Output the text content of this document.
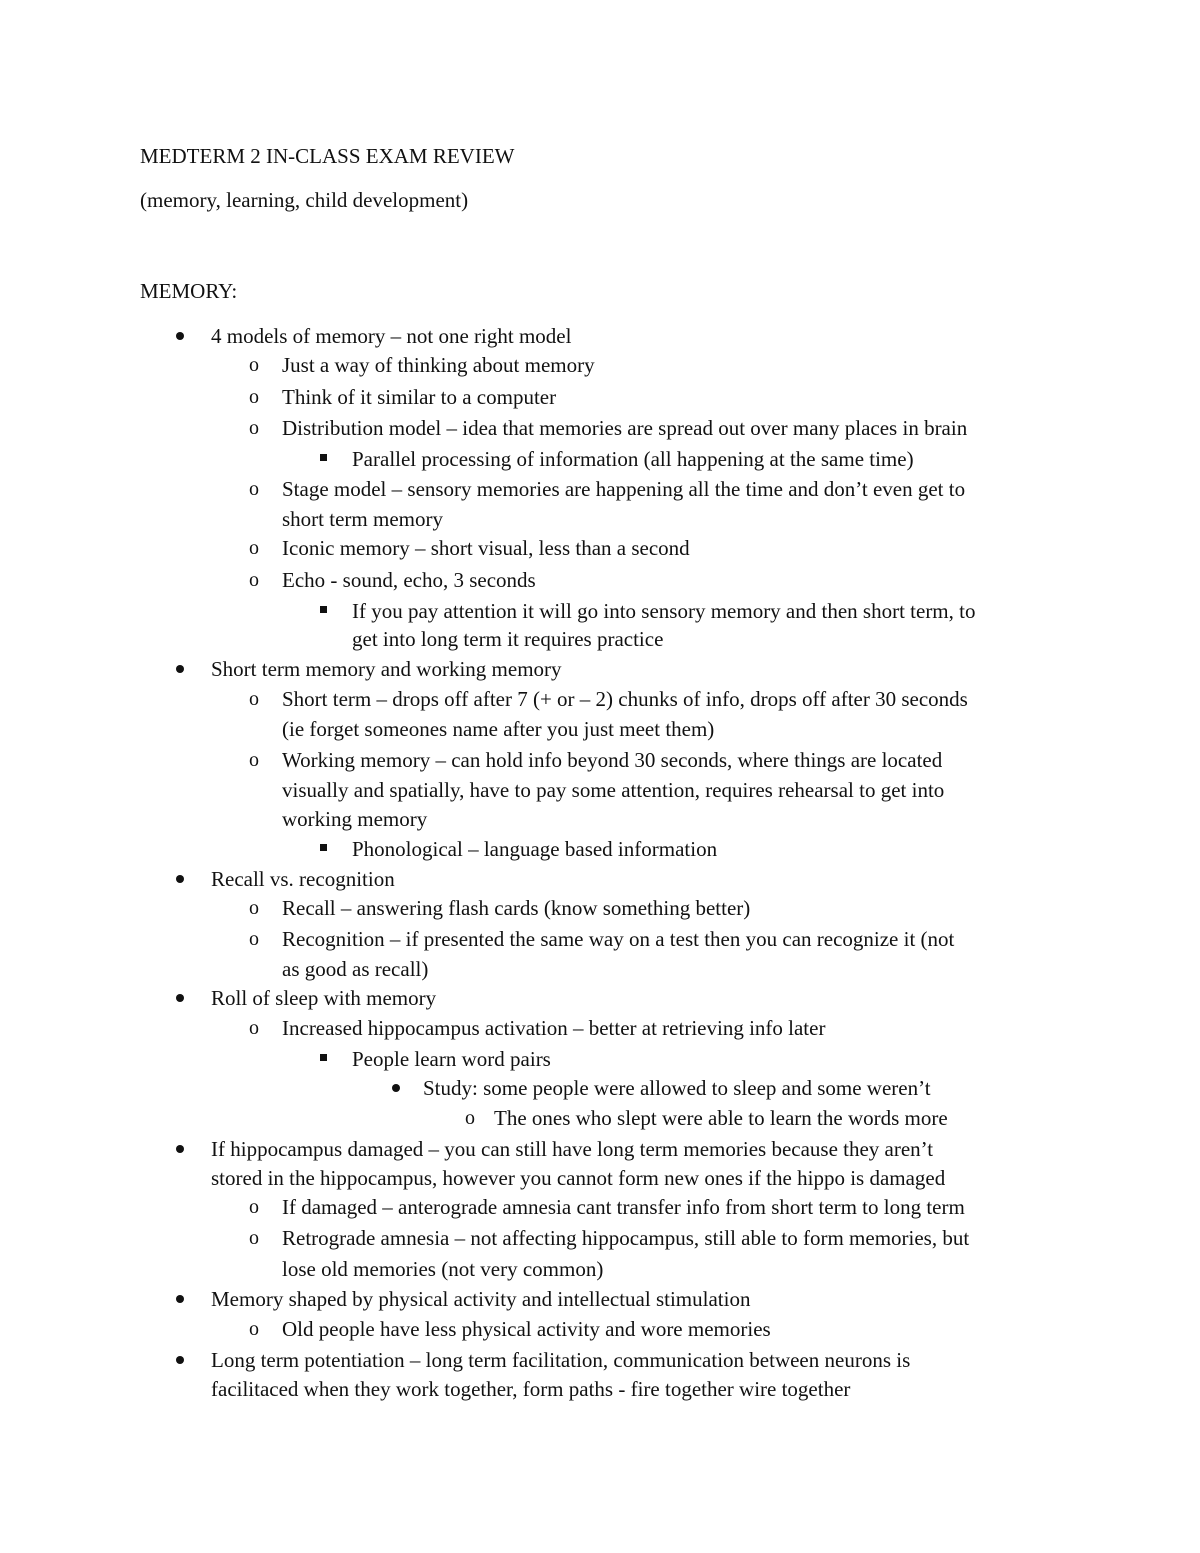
MEDTERM 2 IN-CLASS EXAM REVIEW
(memory, learning, child development)
MEMORY:
4 models of memory – not one right model
o Just a way of thinking about memory
o Think of it similar to a computer
o Distribution model – idea that memories are spread out over many places in brain
Parallel processing of information (all happening at the same time)
o Stage model – sensory memories are happening all the time and don’t even get to
short term memory
o Iconic memory – short visual, less than a second
o Echo - sound, echo, 3 seconds
If you pay attention it will go into sensory memory and then short term, to
get into long term it requires practice
Short term memory and working memory
o Short term – drops off after 7 (+ or – 2) chunks of info, drops off after 30 seconds
(ie forget someones name after you just meet them)
o Working memory – can hold info beyond 30 seconds, where things are located
visually and spatially, have to pay some attention, requires rehearsal to get into
working memory
Phonological – language based information
Recall vs. recognition
o Recall – answering flash cards (know something better)
o Recognition – if presented the same way on a test then you can recognize it (not
as good as recall)
Roll of sleep with memory
o Increased hippocampus activation – better at retrieving info later
People learn word pairs
Study: some people were allowed to sleep and some weren’t
o The ones who slept were able to learn the words more
If hippocampus damaged – you can still have long term memories because they aren’t
stored in the hippocampus, however you cannot form new ones if the hippo is damaged
o If damaged – anterograde amnesia cant transfer info from short term to long term
o Retrograde amnesia – not affecting hippocampus, still able to form memories, but
lose old memories (not very common)
Memory shaped by physical activity and intellectual stimulation
o Old people have less physical activity and wore memories
Long term potentiation – long term facilitation, communication between neurons is
facilitaced when they work together, form paths - fire together wire together
